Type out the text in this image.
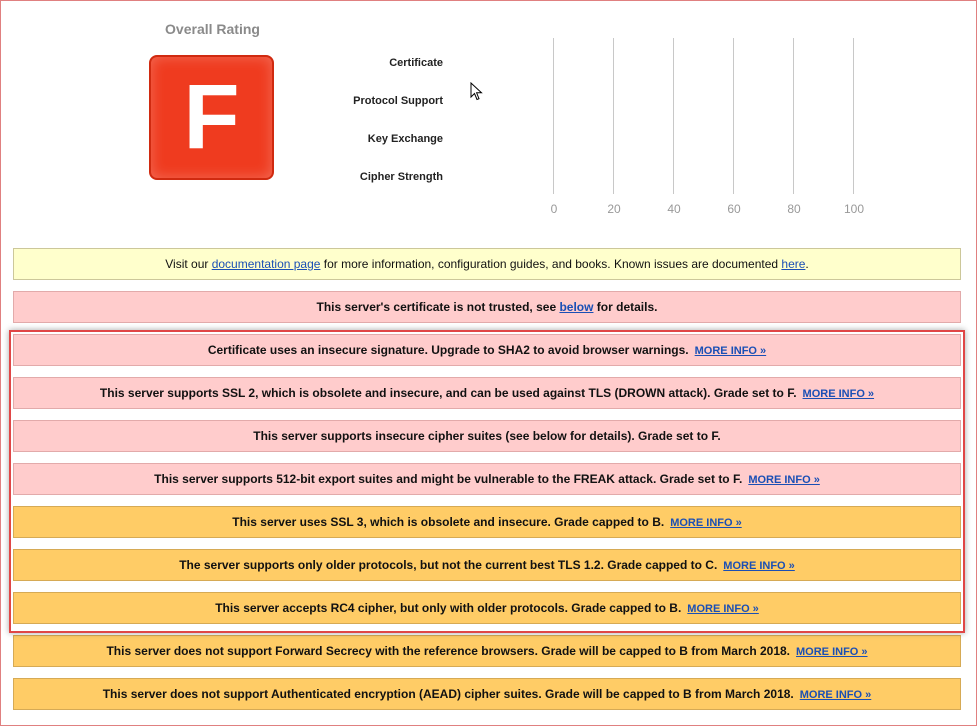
Overall Rating
F
Certificate
Protocol Support
Key Exchange
Cipher Strength
0	20	40	60	80	100
Visit our documentation page for more information, configuration guides, and books. Known issues are documented here.
This server's certificate is not trusted, see below for details.
Certificate uses an insecure signature. Upgrade to SHA2 to avoid browser warnings. MORE INFO »
This server supports SSL 2, which is obsolete and insecure, and can be used against TLS (DROWN attack). Grade set to F. MORE INFO »
This server supports insecure cipher suites (see below for details). Grade set to F.
This server supports 512-bit export suites and might be vulnerable to the FREAK attack. Grade set to F. MORE INFO »
This server uses SSL 3, which is obsolete and insecure. Grade capped to B. MORE INFO »
The server supports only older protocols, but not the current best TLS 1.2. Grade capped to C. MORE INFO »
This server accepts RC4 cipher, but only with older protocols. Grade capped to B. MORE INFO »
This server does not support Forward Secrecy with the reference browsers. Grade will be capped to B from March 2018. MORE INFO »
This server does not support Authenticated encryption (AEAD) cipher suites. Grade will be capped to B from March 2018. MORE INFO »
